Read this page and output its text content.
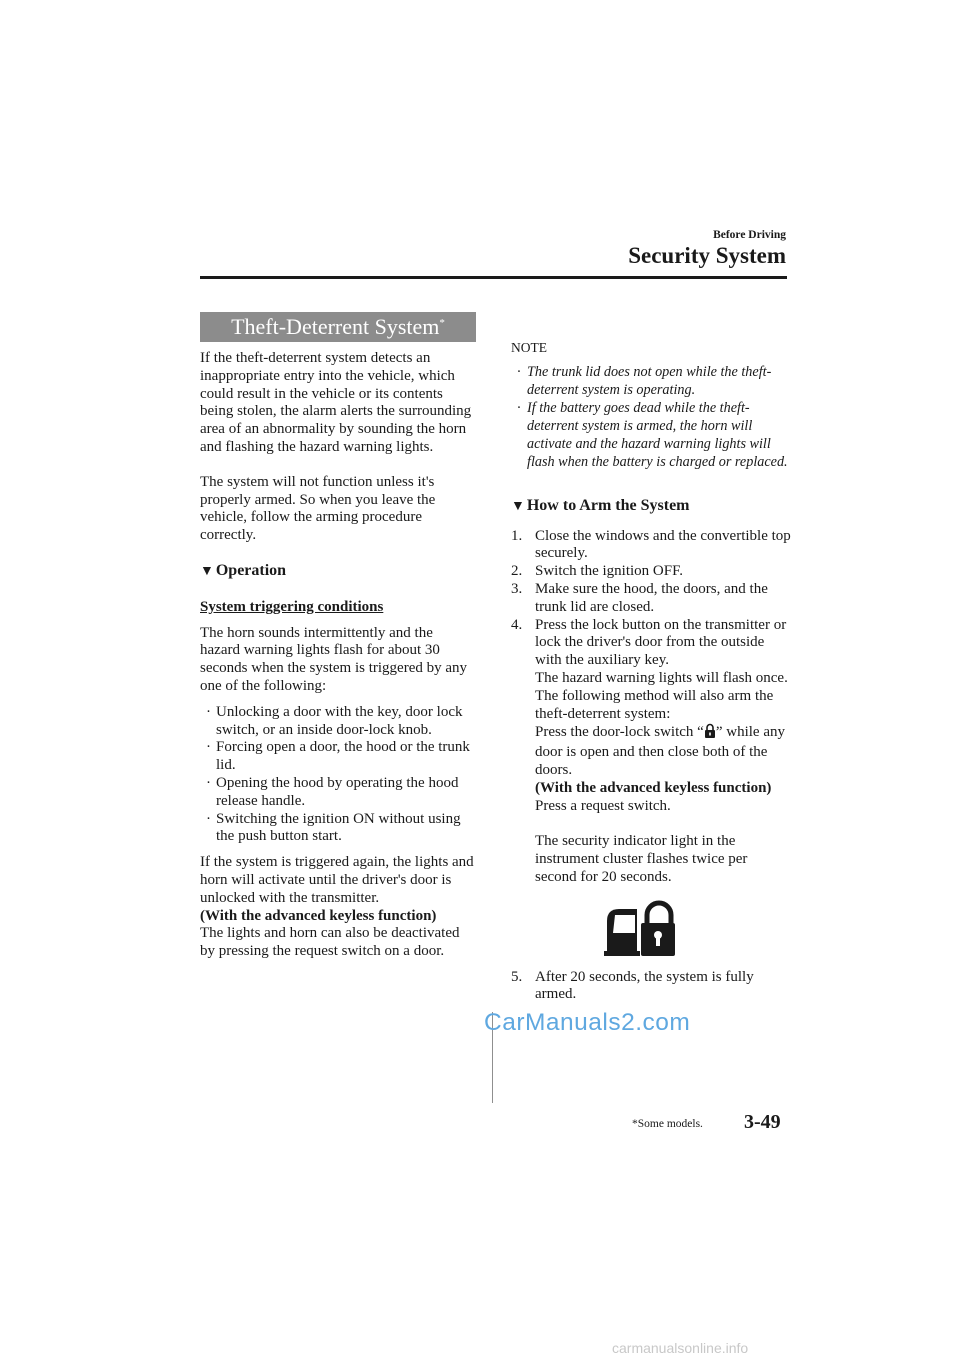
Before Driving
Security System
Theft-Deterrent System*

If the theft-deterrent system detects an inappropriate entry into the vehicle, which could result in the vehicle or its contents being stolen, the alarm alerts the surrounding area of an abnormality by sounding the horn and flashing the hazard warning lights.

The system will not function unless it's properly armed. So when you leave the vehicle, follow the arming procedure correctly.

▼ Operation
System triggering conditions

The horn sounds intermittently and the hazard warning lights flash for about 30 seconds when the system is triggered by any one of the following:

· Unlocking a door with the key, door lock switch, or an inside door-lock knob.

· Forcing open a door, the hood or the trunk lid.

· Opening the hood by operating the hood release handle.

· Switching the ignition ON without using the push button start.

If the system is triggered again, the lights and horn will activate until the driver's door is unlocked with the transmitter.

(With the advanced keyless function)

The lights and horn can also be deactivated by pressing the request switch on a door.

NOTE
· The trunk lid does not open while the theft-deterrent system is operating.
· If the battery goes dead while the theft-deterrent system is armed, the horn will activate and the hazard warning lights will flash when the battery is charged or replaced.
▼ How to Arm the System

1. Close the windows and the convertible top securely.

2. Switch the ignition OFF.

3. Make sure the hood, the doors, and the trunk lid are closed.

4. Press the lock button on the transmitter or lock the driver's door from the outside with the auxiliary key.

The hazard warning lights will flash once.

The following method will also arm the theft-deterrent system:

Press the door-lock switch “ ” while any door is open and then close both of the doors.

(With the advanced keyless function)

Press a request switch.

The security indicator light in the instrument cluster flashes twice per second for 20 seconds.

5. After 20 seconds, the system is fully armed.

CarManuals2.com
*Some models. 3-49
carmanualsonline.info
